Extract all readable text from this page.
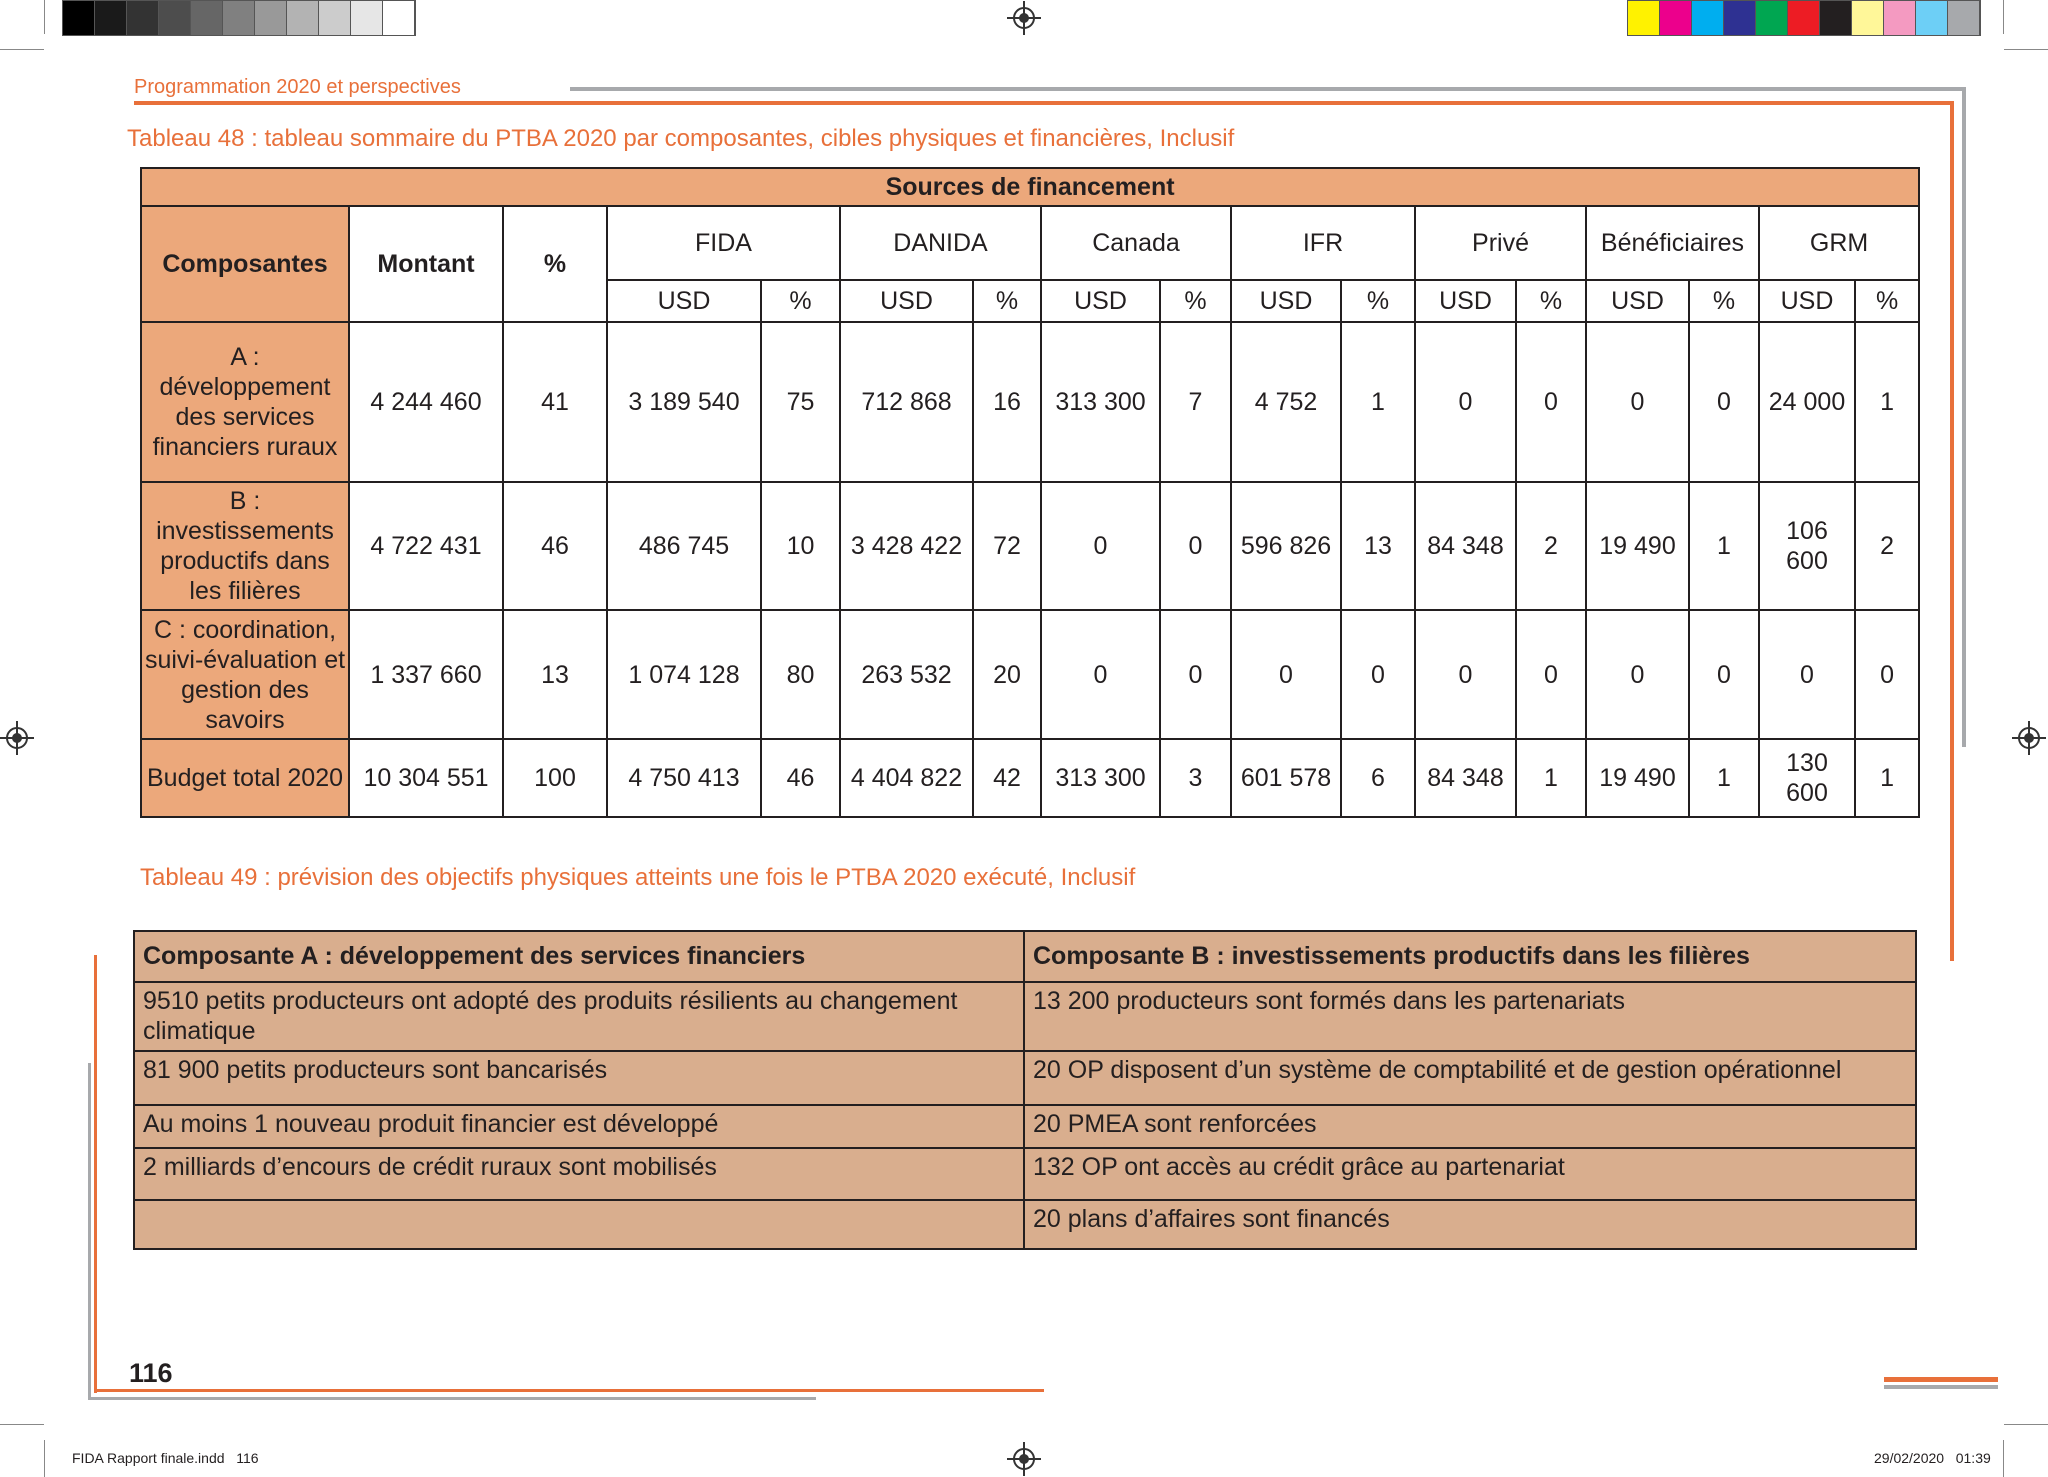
Programmation 2020 et perspectives
Tableau 48 : tableau sommaire du PTBA 2020 par composantes, cibles physiques et financières, Inclusif
Sources de financement																
Composantes	Montant	%	FIDA		DANIDA		Canada		IFR		Privé		Bénéficiaires		GRM	
			USD	%	USD	%	USD	%	USD	%	USD	%	USD	%	USD	%
A : développement des services financiers ruraux	4 244 460	41	3 189 540	75	712 868	16	313 300	7	4 752	1	0	0	0	0	24 000	1
B : investissements productifs dans les filières	4 722 431	46	486 745	10	3 428 422	72	0	0	596 826	13	84 348	2	19 490	1	106 600	2
C : coordination, suivi-évaluation et gestion des savoirs	1 337 660	13	1 074 128	80	263 532	20	0	0	0	0	0	0	0	0	0	0
Budget total 2020	10 304 551	100	4 750 413	46	4 404 822	42	313 300	3	601 578	6	84 348	1	19 490	1	130 600	1
Tableau 49 : prévision des objectifs physiques atteints une fois le PTBA 2020 exécuté, Inclusif
Composante A : développement des services financiers	Composante B : investissements productifs dans les filières
9510 petits producteurs ont adopté des produits résilients au changement climatique	13 200 producteurs sont formés dans les partenariats
81 900 petits producteurs sont bancarisés	20 OP disposent d’un système de comptabilité et de gestion opérationnel
Au moins 1 nouveau produit financier est développé	20 PMEA sont renforcées
2 milliards d’encours de crédit ruraux sont mobilisés	132 OP ont accès au crédit grâce au partenariat
	20 plans d’affaires sont financés
116
FIDA Rapport finale.indd   116	29/02/2020   01:39
